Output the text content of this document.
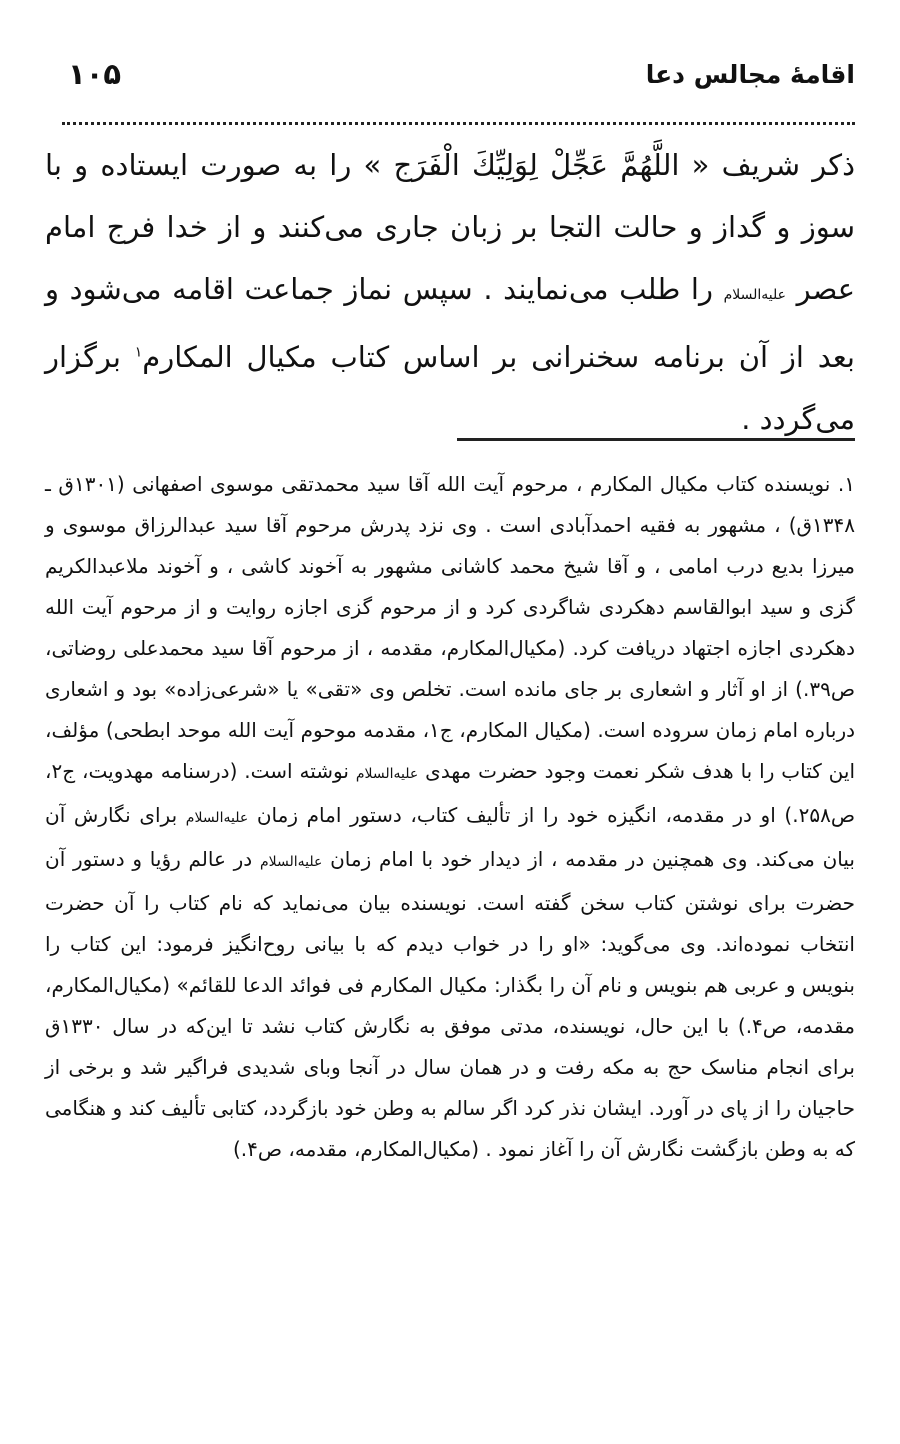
اقامهٔ مجالس دعا
۱۰۵

ذکر شریف « اللَّهُمَّ عَجِّلْ لِوَلِيِّكَ الْفَرَج » را به صورت ایستاده و با سوز و گداز و حالت التجا بر زبان جاری می‌کنند و از خدا فرج امام عصر علیه‌السلام را طلب می‌نمایند . سپس نماز جماعت اقامه می‌شود و بعد از آن برنامه سخنرانی بر اساس کتاب مکیال المکارم$^۱$ برگزار می‌گردد .

۱. نویسنده کتاب مکیال المکارم ، مرحوم آیت الله آقا سید محمدتقی موسوی اصفهانی (۱۳۰۱ق ـ ۱۳۴۸ق) ، مشهور به فقیه احمدآبادی است . وی نزد پدرش مرحوم آقا سید عبدالرزاق موسوی و میرزا بدیع درب امامی ، و آقا شیخ محمد کاشانی مشهور به آخوند کاشی ، و آخوند ملاعبدالکریم گزی و سید ابوالقاسم دهکردی شاگردی کرد و از مرحوم گزی اجازه روایت و از مرحوم آیت الله دهکردی اجازه اجتهاد دریافت کرد. (مکیال‌المکارم، مقدمه ، از مرحوم آقا سید محمدعلی روضاتی، ص۳۹.) از او آثار و اشعاری بر جای مانده است. تخلص وی «تقی» یا «شرعی‌زاده» بود و اشعاری درباره امام زمان سروده است. (مکیال المکارم، ج۱، مقدمه موحوم آیت الله موحد ابطحی) مؤلف، این کتاب را با هدف شکر نعمت وجود حضرت مهدی علیه‌السلام نوشته است. (درسنامه مهدویت، ج۲، ص۲۵۸.) او در مقدمه، انگیزه خود را از تألیف کتاب، دستور امام زمان علیه‌السلام برای نگارش آن بیان می‌کند. وی همچنین در مقدمه ، از دیدار خود با امام زمان علیه‌السلام در عالم رؤیا و دستور آن حضرت برای نوشتن کتاب سخن گفته است. نویسنده بیان می‌نماید که نام کتاب را آن حضرت انتخاب نموده‌اند. وی می‌گوید: «او را در خواب دیدم که با بیانی روح‌انگیز فرمود: این کتاب را بنویس و عربی هم بنویس و نام آن را بگذار: مکیال المکارم فی فوائد الدعا للقائم» (مکیال‌المکارم، مقدمه، ص۴.) با این حال، نویسنده، مدتی موفق به نگارش کتاب نشد تا این‌که در سال ۱۳۳۰ق برای انجام مناسک حج به مکه رفت و در همان سال در آنجا وبای شدیدی فراگیر شد و برخی از حاجیان را از پای در آورد. ایشان نذر کرد اگر سالم به وطن خود بازگردد، کتابی تألیف کند و هنگامی که به وطن بازگشت نگارش آن را آغاز نمود . (مکیال‌المکارم، مقدمه، ص۴.)
